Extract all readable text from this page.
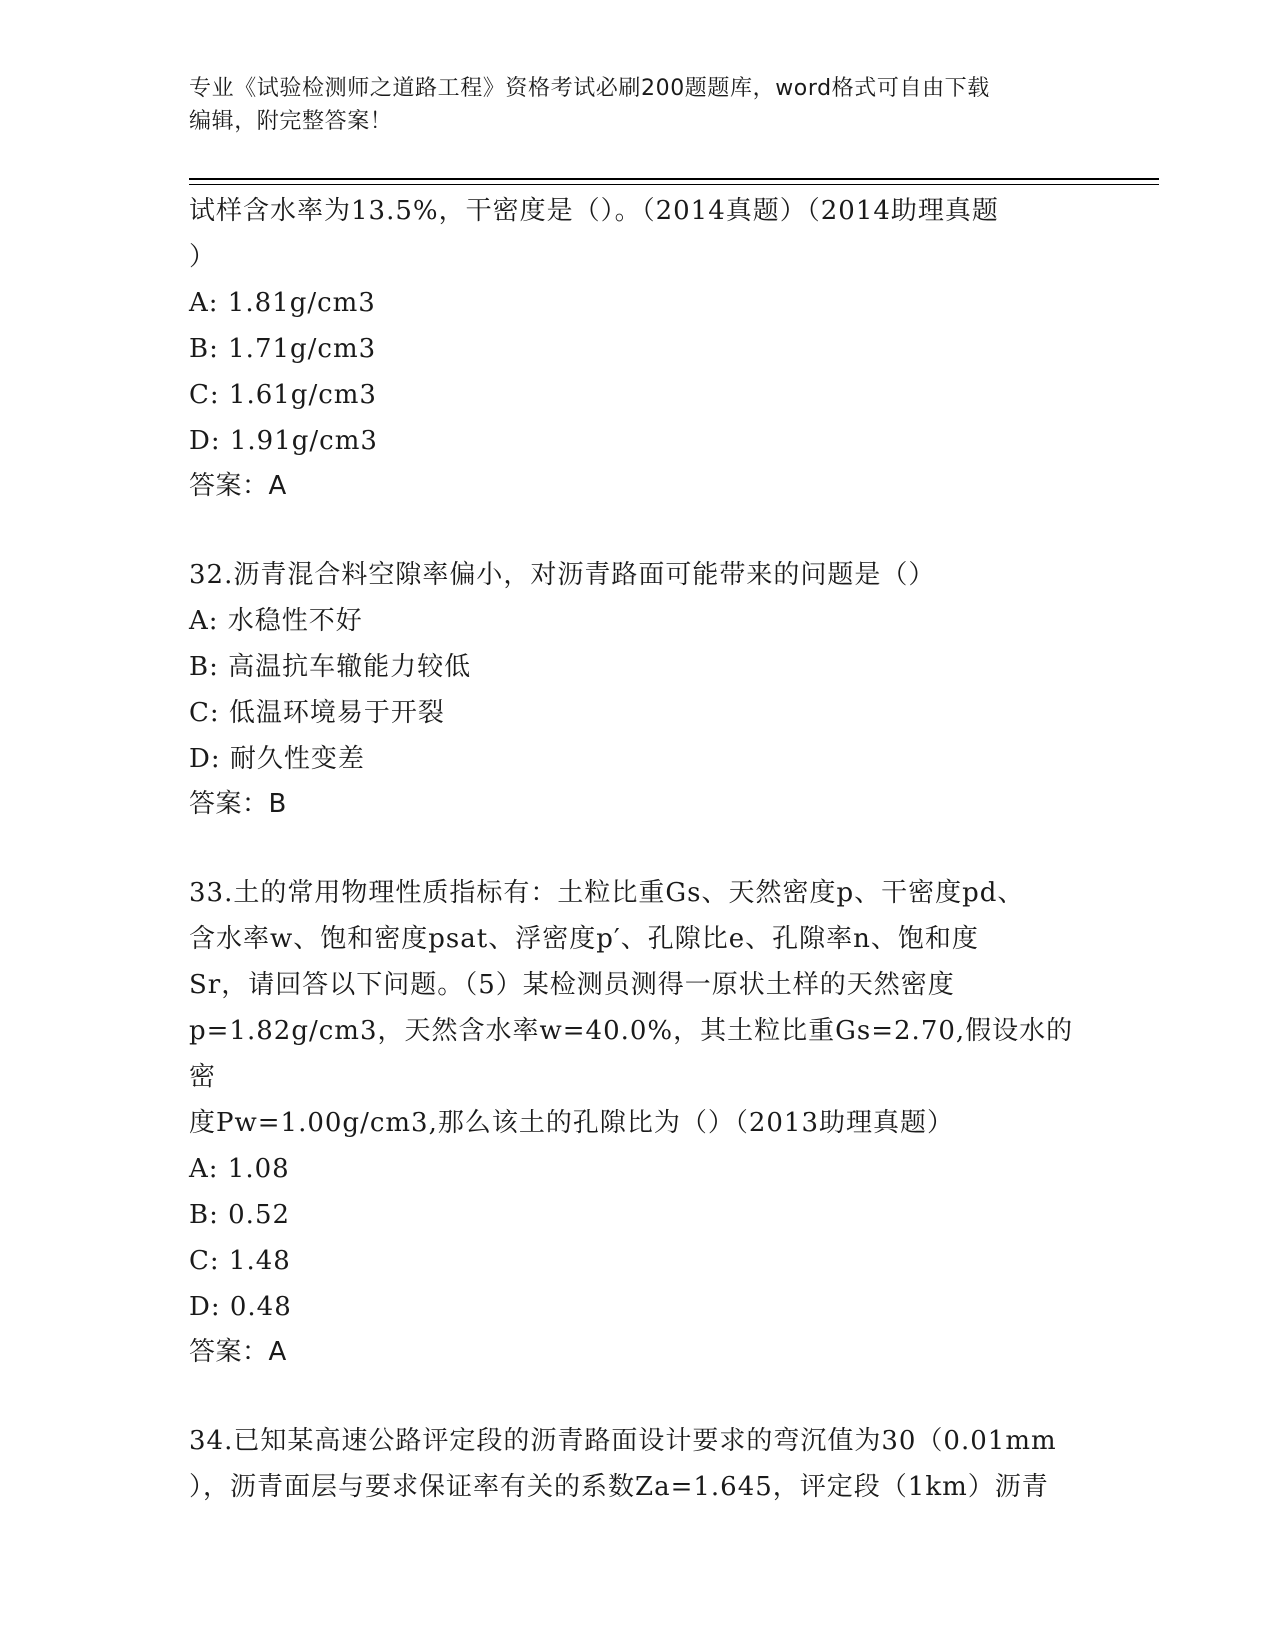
专业《试验检测师之道路工程》资格考试必刷200题题库，word格式可自由下载
编辑，附完整答案！
试样含水率为13.5%，干密度是（）。（2014真题）（2014助理真题
）
A: 1.81g/cm3
B: 1.71g/cm3
C: 1.61g/cm3
D: 1.91g/cm3
答案：A
32.沥青混合料空隙率偏小，对沥青路面可能带来的问题是（）
A: 水稳性不好
B: 高温抗车辙能力较低
C: 低温环境易于开裂
D: 耐久性变差
答案：B
33.土的常用物理性质指标有：土粒比重Gs、天然密度p、干密度pd、
含水率w、饱和密度psat、浮密度p′、孔隙比e、孔隙率n、饱和度
Sr，请回答以下问题。（5）某检测员测得一原状土样的天然密度
p=1.82g/cm3，天然含水率w=40.0%，其土粒比重Gs=2.70,假设水的密
度Pw=1.00g/cm3,那么该土的孔隙比为（）（2013助理真题）
A: 1.08
B: 0.52
C: 1.48
D: 0.48
答案：A
34.已知某高速公路评定段的沥青路面设计要求的弯沉值为30（0.01mm
），沥青面层与要求保证率有关的系数Za=1.645，评定段（1km）沥青
